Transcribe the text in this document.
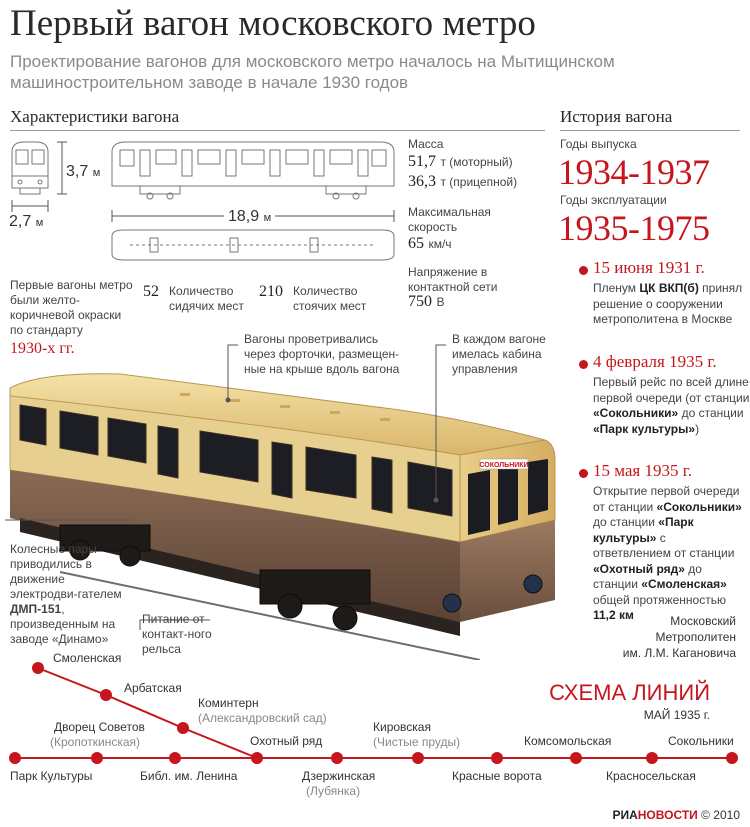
Первый вагон московского метро
Проектирование вагонов для московского метро началось на Мытищинском машиностроительном заводе в начале 1930 годов
Характеристики вагона	История вагона
3,7 м
2,7 м	18,9 м
Масса
51,7 т (моторный)
36,3 т (прицепной)
Максимальная скорость
65 км/ч
Напряжение в контактной сети
750 В
52 Количество сидячих мест
210 Количество стоячих мест
Первые вагоны метро были желто-коричневой окраски по стандарту
1930-х гг.
СОКОЛЬНИКИ
Вагоны проветривались через форточки, размещен-ные на крыше вдоль вагона
В каждом вагоне имелась кабина управления
Колесные пары приводились в движение электродви-гателем ДМП-151, произведенным на заводе «Динамо»
Питание от контакт-ного рельса
Годы выпуска
1934-1937
Годы эксплуатации
1935-1975
15 июня 1931 г.
Пленум ЦК ВКП(б) принял решение о сооружении метрополитена в Москве
4 февраля 1935 г.
Первый рейс по всей длине первой очереди (от станции «Сокольники» до станции «Парк культуры»)
15 мая 1935 г.
Открытие первой очереди от станции «Сокольники» до станции «Парк культуры» с ответвлением от станции «Охотный ряд» до станции «Смоленская» общей протяженностью 11,2 км	Московский
Метрополитен
им. Л.М. Кагановича
СХЕМА ЛИНИЙ
МАЙ 1935 г.
Смоленская
Арбатская
Коминтерн
(Александровский сад)
Дворец Советов
(Кропоткинская)	Охотный ряд
Кировская
(Чистые пруды)	Комсомольская	Сокольники
Парк Культуры	Библ. им. Ленина	Дзержинская
(Лубянка)
Красные ворота	Красносельская
РИАНОВОСТИ © 2010
